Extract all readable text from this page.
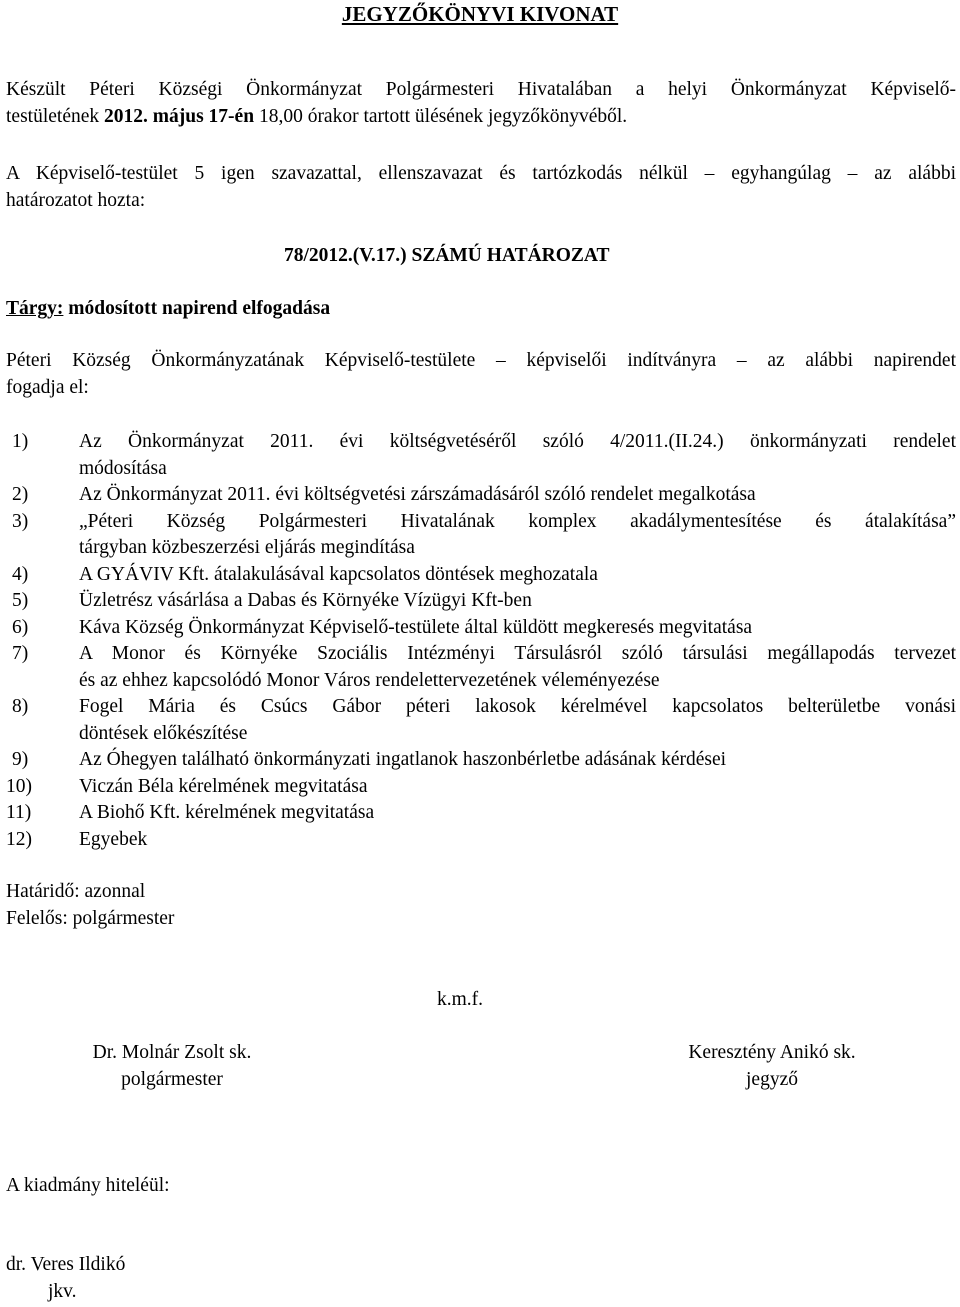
JEGYZŐKÖNYVI KIVONAT
Készült Péteri Községi Önkormányzat Polgármesteri Hivatalában a helyi Önkormányzat Képviselő-
testületének 2012. május 17-én 18,00 órakor tartott ülésének jegyzőkönyvéből.
A Képviselő-testület 5 igen szavazattal, ellenszavazat és tartózkodás nélkül – egyhangúlag – az alábbi
határozatot hozta:
78/2012.(V.17.) SZÁMÚ HATÁROZAT
Tárgy: módosított napirend elfogadása
Péteri Község Önkormányzatának Képviselő-testülete – képviselői indítványra – az alábbi napirendet
fogadja el:
1)	Az Önkormányzat 2011. évi költségvetéséről szóló 4/2011.(II.24.) önkormányzati rendelet
módosítása
2)	Az Önkormányzat 2011. évi költségvetési zárszámadásáról szóló rendelet megalkotása
3)	„Péteri Község Polgármesteri Hivatalának komplex akadálymentesítése és átalakítása”
tárgyban közbeszerzési eljárás megindítása
4)	A GYÁVIV Kft. átalakulásával kapcsolatos döntések meghozatala
5)	Üzletrész vásárlása a Dabas és Környéke Vízügyi Kft-ben
6)	Káva Község Önkormányzat Képviselő-testülete által küldött megkeresés megvitatása
7)	A Monor és Környéke Szociális Intézményi Társulásról szóló társulási megállapodás tervezet
és az ehhez kapcsolódó Monor Város rendelettervezetének véleményezése
8)	Fogel Mária és Csúcs Gábor péteri lakosok kérelmével kapcsolatos belterületbe vonási
döntések előkészítése
9)	Az Óhegyen található önkormányzati ingatlanok haszonbérletbe adásának kérdései
10) Viczán Béla kérelmének megvitatása
11) A Biohő Kft. kérelmének megvitatása
12) Egyebek
Határidő: azonnal
Felelős: polgármester
k.m.f.
Dr. Molnár Zsolt sk.
polgármester
Keresztény Anikó sk.
jegyző
A kiadmány hiteléül:
dr. Veres Ildikó
jkv.
